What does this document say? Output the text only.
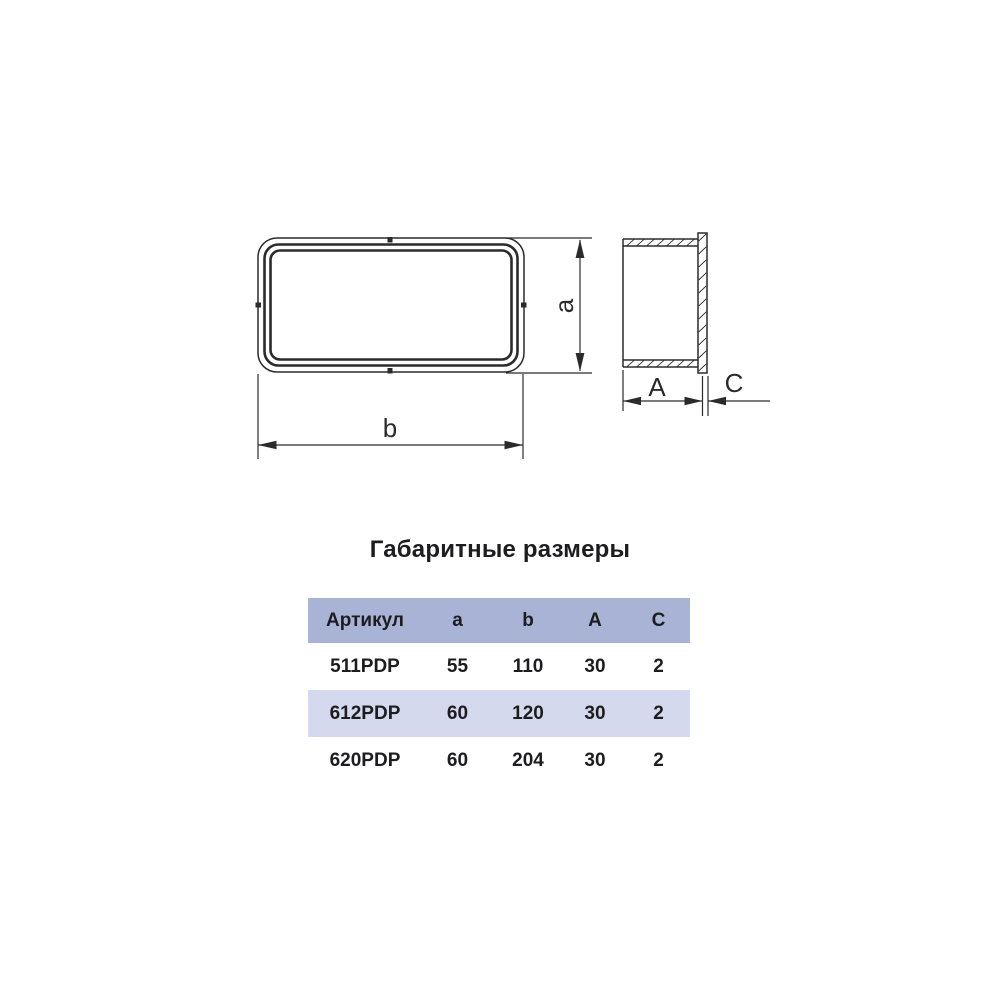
a
b
A C
Габаритные размеры
Артикул	a	b	A	C
511PDP	55	110	30	2
612PDP	60	120	30	2
620PDP	60	204	30	2
